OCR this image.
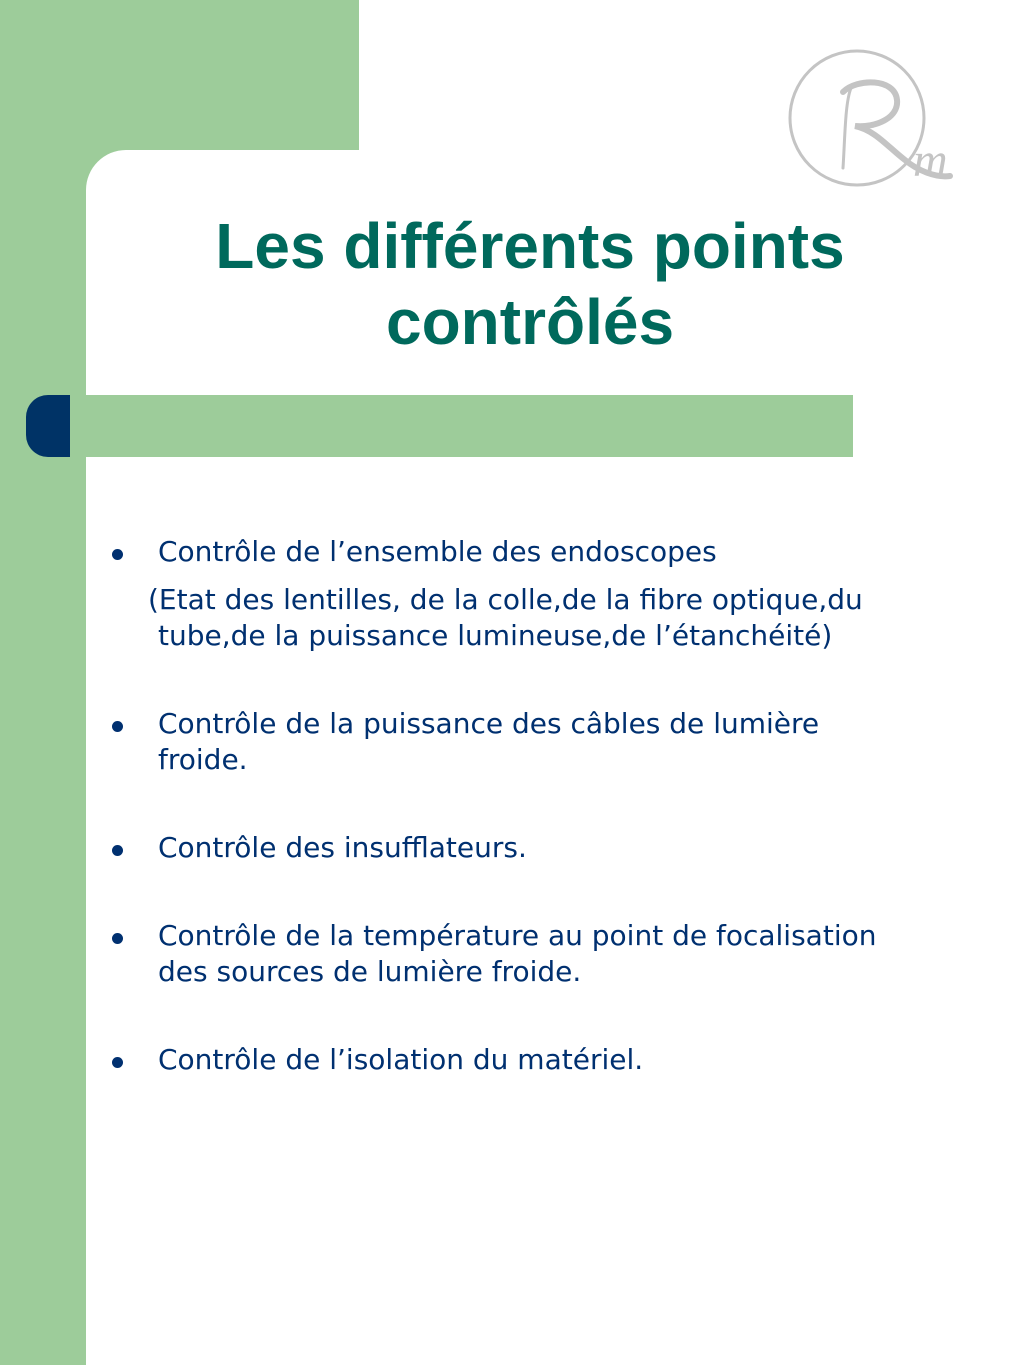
m
Les différents points contrôlés
Contrôle de l’ensemble des endoscopes

(Etat des lentilles, de la colle,de la fibre optique,du tube,de la puissance lumineuse,de l’étanchéité)

Contrôle de la puissance des câbles de lumière froide.
Contrôle des insufflateurs.
Contrôle de la température au point de focalisation des sources de lumière froide.
Contrôle de l’isolation du matériel.
